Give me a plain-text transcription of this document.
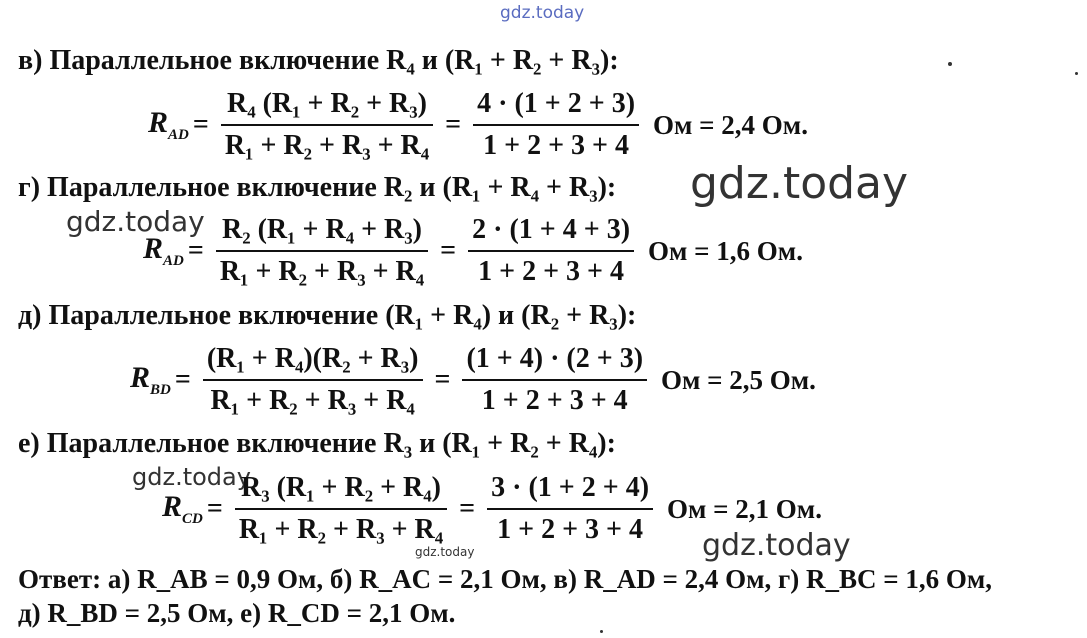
gdz.today
gdz.today
gdz.today
gdz.today
gdz.today	gdz.today
в) Параллельное включение R₄ и (R₁ + R₂ + R₃):
$R_{AD} = \frac{\text{R₄ (R₁ + R₂ + R₃)}}{\text{R₁ + R₂ + R₃ + R₄}} = \frac{4 \cdot (1 + 2 + 3)}{1 + 2 + 3 + 4}$ Ом = 2,4 Ом.
г) Параллельное включение R₂ и (R₁ + R₄ + R₃):
$R_{AD} = \frac{\text{R₂ (R₁ + R₄ + R₃)}}{\text{R₁ + R₂ + R₃ + R₄}} = \frac{2 \cdot (1 + 4 + 3)}{1 + 2 + 3 + 4}$ Ом = 1,6 Ом.
д) Параллельное включение (R₁ + R₄) и (R₂ + R₃):
$R_{BD} = \frac{\text{(R₁ + R₄)(R₂ + R₃)}}{\text{R₁ + R₂ + R₃ + R₄}} = \frac{(1 + 4) \cdot (2 + 3)}{1 + 2 + 3 + 4}$ Ом = 2,5 Ом.
е) Параллельное включение R₃ и (R₁ + R₂ + R₄):
$R_{CD} = \frac{\text{R₃ (R₁ + R₂ + R₄)}}{\text{R₁ + R₂ + R₃ + R₄}} = \frac{3 \cdot (1 + 2 + 4)}{1 + 2 + 3 + 4}$ Ом = 2,1 Ом.
Ответ: а) R_AB = 0,9 Ом, б) R_AC = 2,1 Ом, в) R_AD = 2,4 Ом, г) R_BC = 1,6 Ом,
д) R_BD = 2,5 Ом, е) R_CD = 2,1 Ом.
